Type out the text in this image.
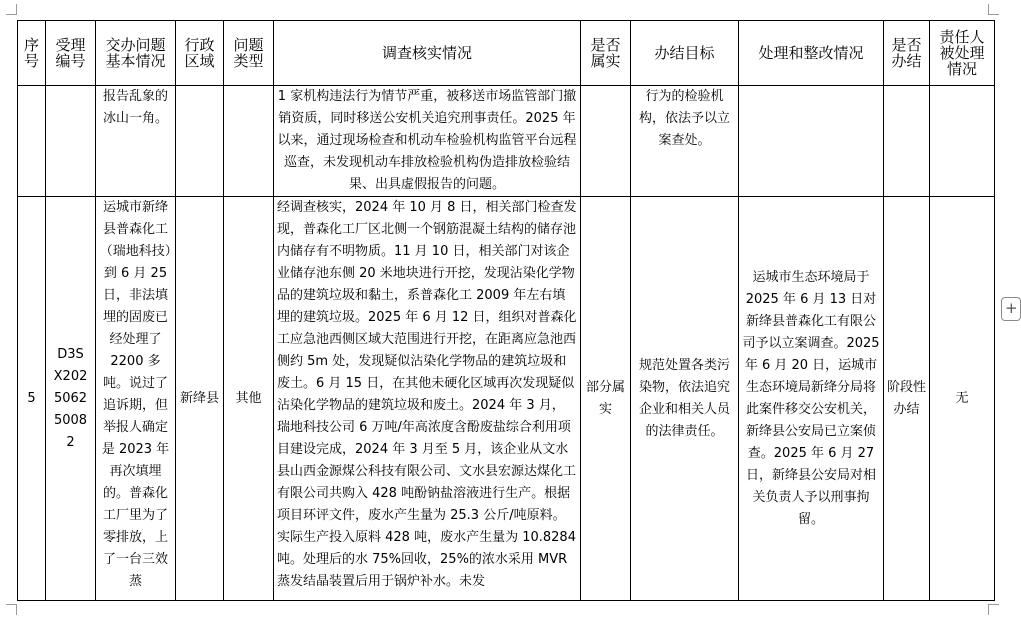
+
序号	受理编号	交办问题基本情况	行政区域	问题类型	调查核实情况	是否属实	办结目标	处理和整改情况	是否办结	责任人被处理情况
		报告乱象的冰山一角。			1 家机构违法行为情节严重，被移送市场监管部门撤销资质，同时移送公安机关追究刑事责任。2025 年以来，通过现场检查和机动车检验机构监管平台远程巡查，未发现机动车排放检验机构伪造排放检验结果、出具虚假报告的问题。		行为的检验机构，依法予以立案查处。			
5	D3S X202 5062 5008 2	运城市新绛县普森化工（瑞地科技）到 6 月 25 日，非法填埋的固废已经处理了 2200 多吨。说过了追诉期，但举报人确定是 2023 年再次填埋的。普森化工厂里为了零排放，上了一台三效蒸	新绛县	其他	经调查核实，2024 年 10 月 8 日，相关部门检查发现，普森化工厂区北侧一个钢筋混凝土结构的储存池内储存有不明物质。11 月 10 日，相关部门对该企业储存池东侧 20 米地块进行开挖，发现沾染化学物品的建筑垃圾和黏土，系普森化工 2009 年左右填埋的建筑垃圾。2025 年 6 月 12 日，组织对普森化工应急池西侧区域大范围进行开挖，在距离应急池西侧约 5m 处，发现疑似沾染化学物品的建筑垃圾和废土。6 月 15 日，在其他未硬化区域再次发现疑似沾染化学物品的建筑垃圾和废土。2024 年 3 月，瑞地科技公司 6 万吨/年高浓度含酚废盐综合利用项目建设完成，2024 年 3 月至 5 月，该企业从文水县山西金源煤公科技有限公司、文水县宏源达煤化工有限公司共购入 428 吨酚钠盐溶液进行生产。根据项目环评文件，废水产生量为 25.3 公斤/吨原料。实际生产投入原料 428 吨，废水产生量为 10.8284 吨。处理后的水 75%回收，25%的浓水采用 MVR 蒸发结晶装置后用于锅炉补水。未发	部分属实	规范处置各类污染物，依法追究企业和相关人员的法律责任。	运城市生态环境局于 2025 年 6 月 13 日对新绛县普森化工有限公司予以立案调查。2025 年 6 月 20 日，运城市生态环境局新绛分局将此案件移交公安机关，新绛县公安局已立案侦查。2025 年 6 月 27 日，新绛县公安局对相关负责人予以刑事拘留。	阶段性办结	无
